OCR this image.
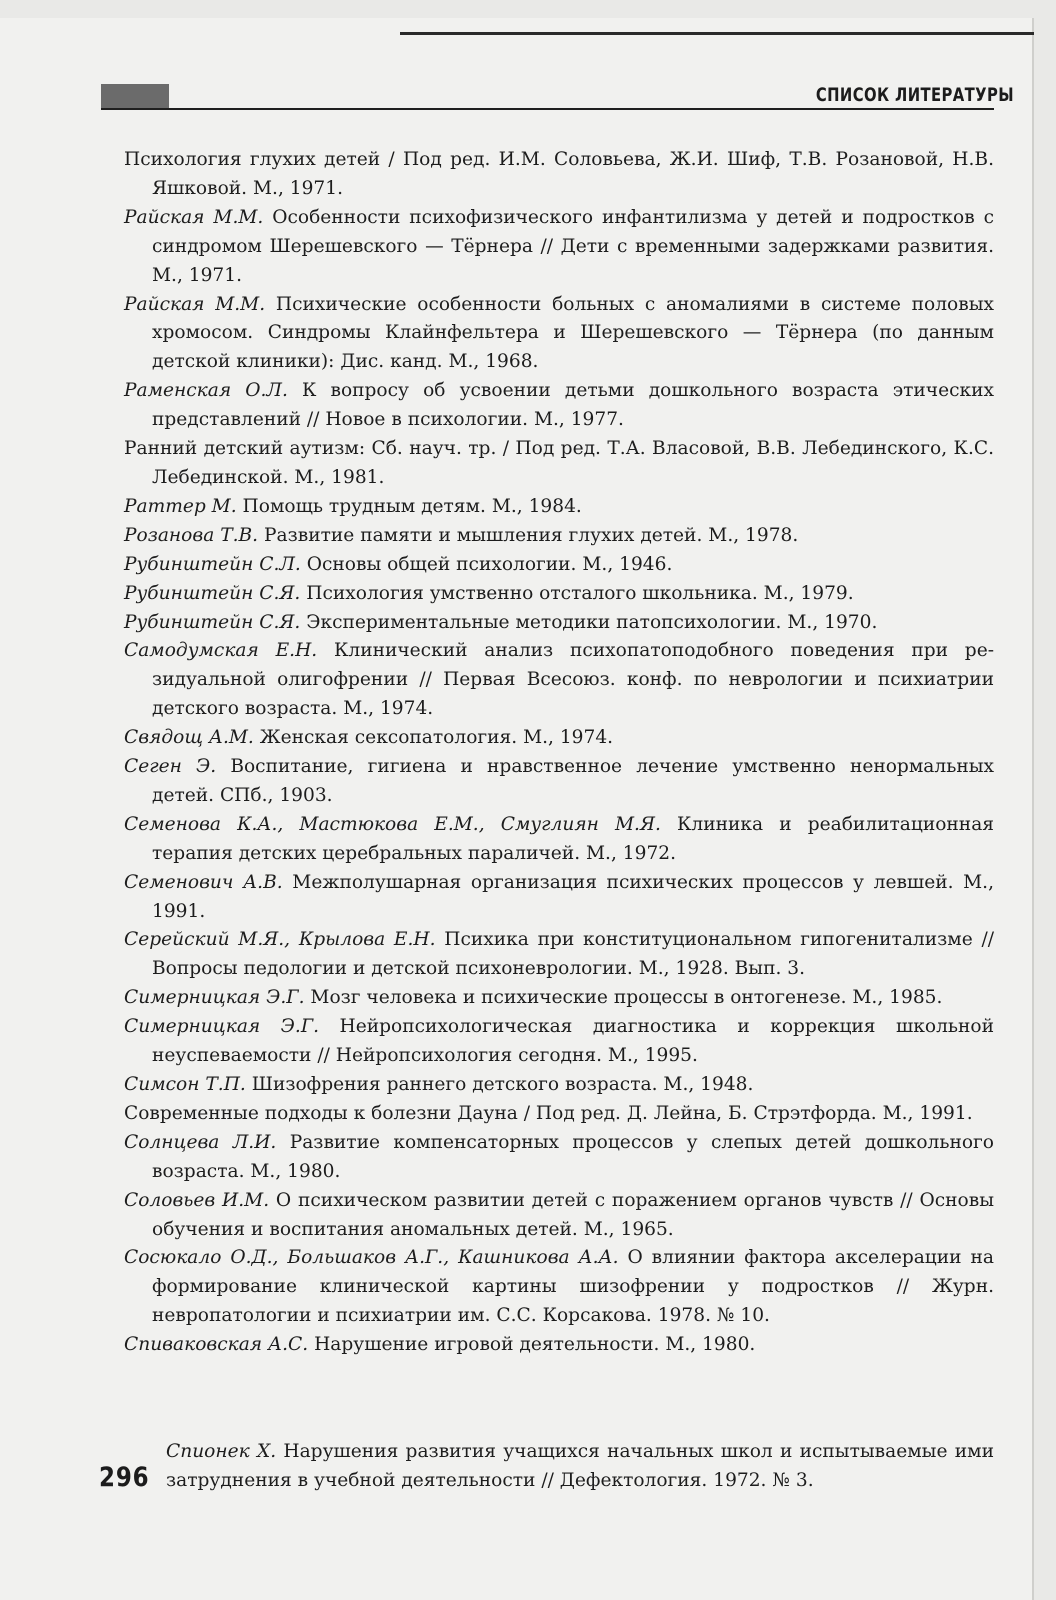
СПИСОК ЛИТЕРАТУРЫ
Психология глухих детей / Под ред. И.М. Соловьева, Ж.И. Шиф, Т.В. Розановой, Н.В. Яшковой. М., 1971.
Райская М.М. Особенности психофизического инфантилизма у детей и подростков с синдромом Шерешевского — Тёрнера // Дети с временными задержками развития. М., 1971.
Райская М.М. Психические особенности больных с аномалиями в системе половых хромосом. Синдромы Клайнфельтера и Шерешевского — Тёрнера (по данным детской клиники): Дис. канд. М., 1968.
Раменская О.Л. К вопросу об усвоении детьми дошкольного возраста этических представлений // Новое в психологии. М., 1977.
Ранний детский аутизм: Сб. науч. тр. / Под ред. Т.А. Власовой, В.В. Лебединского, К.С. Лебединской. М., 1981.
Раттер М. Помощь трудным детям. М., 1984.
Розанова Т.В. Развитие памяти и мышления глухих детей. М., 1978.
Рубинштейн С.Л. Основы общей психологии. М., 1946.
Рубинштейн С.Я. Психология умственно отсталого школьника. М., 1979.
Рубинштейн С.Я. Экспериментальные методики патопсихологии. М., 1970.
Самодумская Е.Н. Клинический анализ психопатоподобного поведения при резидуальной олигофрении // Первая Всесоюз. конф. по неврологии и психиатрии детского возраста. М., 1974.
Свядощ А.М. Женская сексопатология. М., 1974.
Сеген Э. Воспитание, гигиена и нравственное лечение умственно ненормальных детей. СПб., 1903.
Семенова К.А., Мастюкова Е.М., Смуглиян М.Я. Клиника и реабилитационная терапия детских церебральных параличей. М., 1972.
Семенович А.В. Межполушарная организация психических процессов у левшей. М., 1991.
Серейский М.Я., Крылова Е.Н. Психика при конституциональном гипогенитализме // Вопросы педологии и детской психоневрологии. М., 1928. Вып. 3.
Симерницкая Э.Г. Мозг человека и психические процессы в онтогенезе. М., 1985.
Симерницкая Э.Г. Нейропсихологическая диагностика и коррекция школьной неуспеваемости // Нейропсихология сегодня. М., 1995.
Симсон Т.П. Шизофрения раннего детского возраста. М., 1948.
Современные подходы к болезни Дауна / Под ред. Д. Лейна, Б. Стрэтфорда. М., 1991.
Солнцева Л.И. Развитие компенсаторных процессов у слепых детей дошкольного возраста. М., 1980.
Соловьев И.М. О психическом развитии детей с поражением органов чувств // Основы обучения и воспитания аномальных детей. М., 1965.
Сосюкало О.Д., Большаков А.Г., Кашникова А.А. О влиянии фактора акселерации на формирование клинической картины шизофрении у подростков // Журн. невропатологии и психиатрии им. С.С. Корсакова. 1978. № 10.
Спиваковская А.С. Нарушение игровой деятельности. М., 1980.
Спионек Х. Нарушения развития учащихся начальных школ и испытываемые ими затруднения в учебной деятельности // Дефектология. 1972. № 3.
296
